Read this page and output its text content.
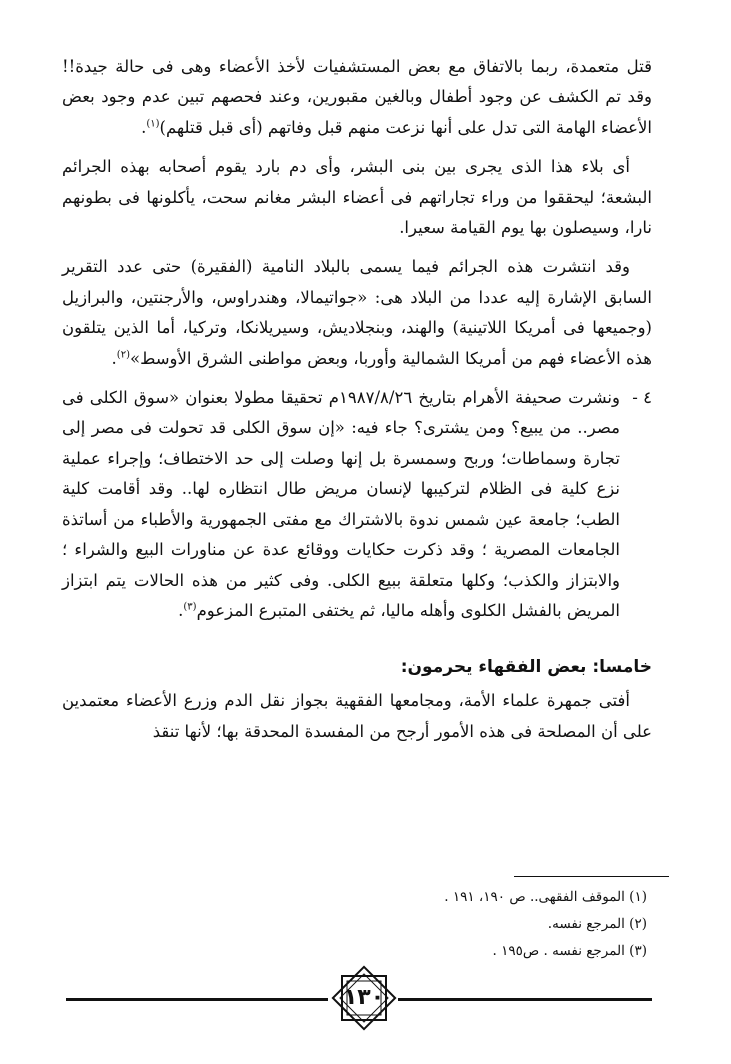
قتل متعمدة، ربما بالاتفاق مع بعض المستشفيات لأخذ الأعضاء وهى فى حالة جيدة!! وقد تم الكشف عن وجود أطفال وبالغين مقبورين، وعند فحصهم تبين عدم وجود بعض الأعضاء الهامة التى تدل على أنها نزعت منهم قبل وفاتهم (أى قبل قتلهم)$^{(١)}$.

أى بلاء هذا الذى يجرى بين بنى البشر، وأى دم بارد يقوم أصحابه بهذه الجرائم البشعة؛ ليحققوا من وراء تجاراتهم فى أعضاء البشر مغانم سحت، يأكلونها فى بطونهم نارا، وسيصلون بها يوم القيامة سعيرا.

وقد انتشرت هذه الجرائم فيما يسمى بالبلاد النامية (الفقيرة) حتى عدد التقرير السابق الإشارة إليه عددا من البلاد هى: «جواتيمالا، وهندراوس، والأرجنتين، والبرازيل (وجميعها فى أمريكا اللاتينية) والهند، وبنجلاديش، وسيريلانكا، وتركيا، أما الذين يتلقون هذه الأعضاء فهم من أمريكا الشمالية وأوربا، وبعض مواطنى الشرق الأوسط»$^{(٢)}$.

٤ -

ونشرت صحيفة الأهرام بتاريخ ١٩٨٧/٨/٢٦م تحقيقا مطولا بعنوان «سوق الكلى فى مصر.. من يبيع؟ ومن يشترى؟ جاء فيه: «إن سوق الكلى قد تحولت فى مصر إلى تجارة وسماطات؛ وربح وسمسرة بل إنها وصلت إلى حد الاختطاف؛ وإجراء عملية نزع كلية فى الظلام لتركيبها لإنسان مريض طال انتظاره لها.. وقد أقامت كلية الطب؛ جامعة عين شمس ندوة بالاشتراك مع مفتى الجمهورية والأطباء من أساتذة الجامعات المصرية ؛ وقد ذكرت حكايات ووقائع عدة عن مناورات البيع والشراء ؛ والابتزاز والكذب؛ وكلها متعلقة ببيع الكلى. وفى كثير من هذه الحالات يتم ابتزاز المريض بالفشل الكلوى وأهله ماليا، ثم يختفى المتبرع المزعوم$^{(٣)}$.

خامسا: بعض الفقهاء يحرمون:

أفتى جمهرة علماء الأمة، ومجامعها الفقهية بجواز نقل الدم وزرع الأعضاء معتمدين على أن المصلحة فى هذه الأمور أرجح من المفسدة المحدقة بها؛ لأنها تنقذ

(١) الموقف الفقهى.. ص ١٩٠، ١٩١ .

(٢) المرجع نفسه.

(٣) المرجع نفسه . ص١٩٥ .

١٣٠
